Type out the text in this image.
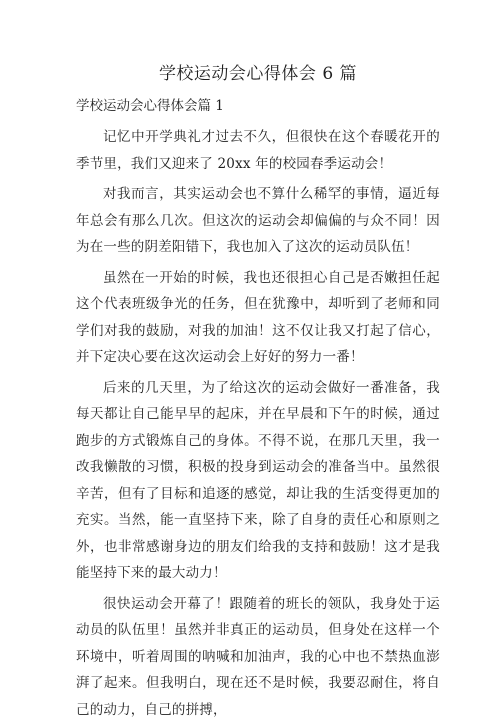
学校运动会心得体会 6 篇
学校运动会心得体会篇 1

记忆中开学典礼才过去不久，但很快在这个春暖花开的季节里，我们又迎来了 20xx 年的校园春季运动会！

对我而言，其实运动会也不算什么稀罕的事情，逼近每年总会有那么几次。但这次的运动会却偏偏的与众不同！因为在一些的阴差阳错下，我也加入了这次的运动员队伍！

虽然在一开始的时候，我也还很担心自己是否嫩担任起这个代表班级争光的任务，但在犹豫中，却听到了老师和同学们对我的鼓励，对我的加油！这不仅让我又打起了信心，并下定决心要在这次运动会上好好的努力一番！

后来的几天里，为了给这次的运动会做好一番准备，我每天都让自己能早早的起床，并在早晨和下午的时候，通过跑步的方式锻炼自己的身体。不得不说，在那几天里，我一改我懒散的习惯，积极的投身到运动会的准备当中。虽然很辛苦，但有了目标和追逐的感觉，却让我的生活变得更加的充实。当然，能一直坚持下来，除了自身的责任心和原则之外，也非常感谢身边的朋友们给我的支持和鼓励！这才是我能坚持下来的最大动力！

很快运动会开幕了！跟随着的班长的领队，我身处于运动员的队伍里！虽然并非真正的运动员，但身处在这样一个环境中，听着周围的呐喊和加油声，我的心中也不禁热血澎湃了起来。但我明白，现在还不是时候，我要忍耐住，将自己的动力，自己的拼搏，
